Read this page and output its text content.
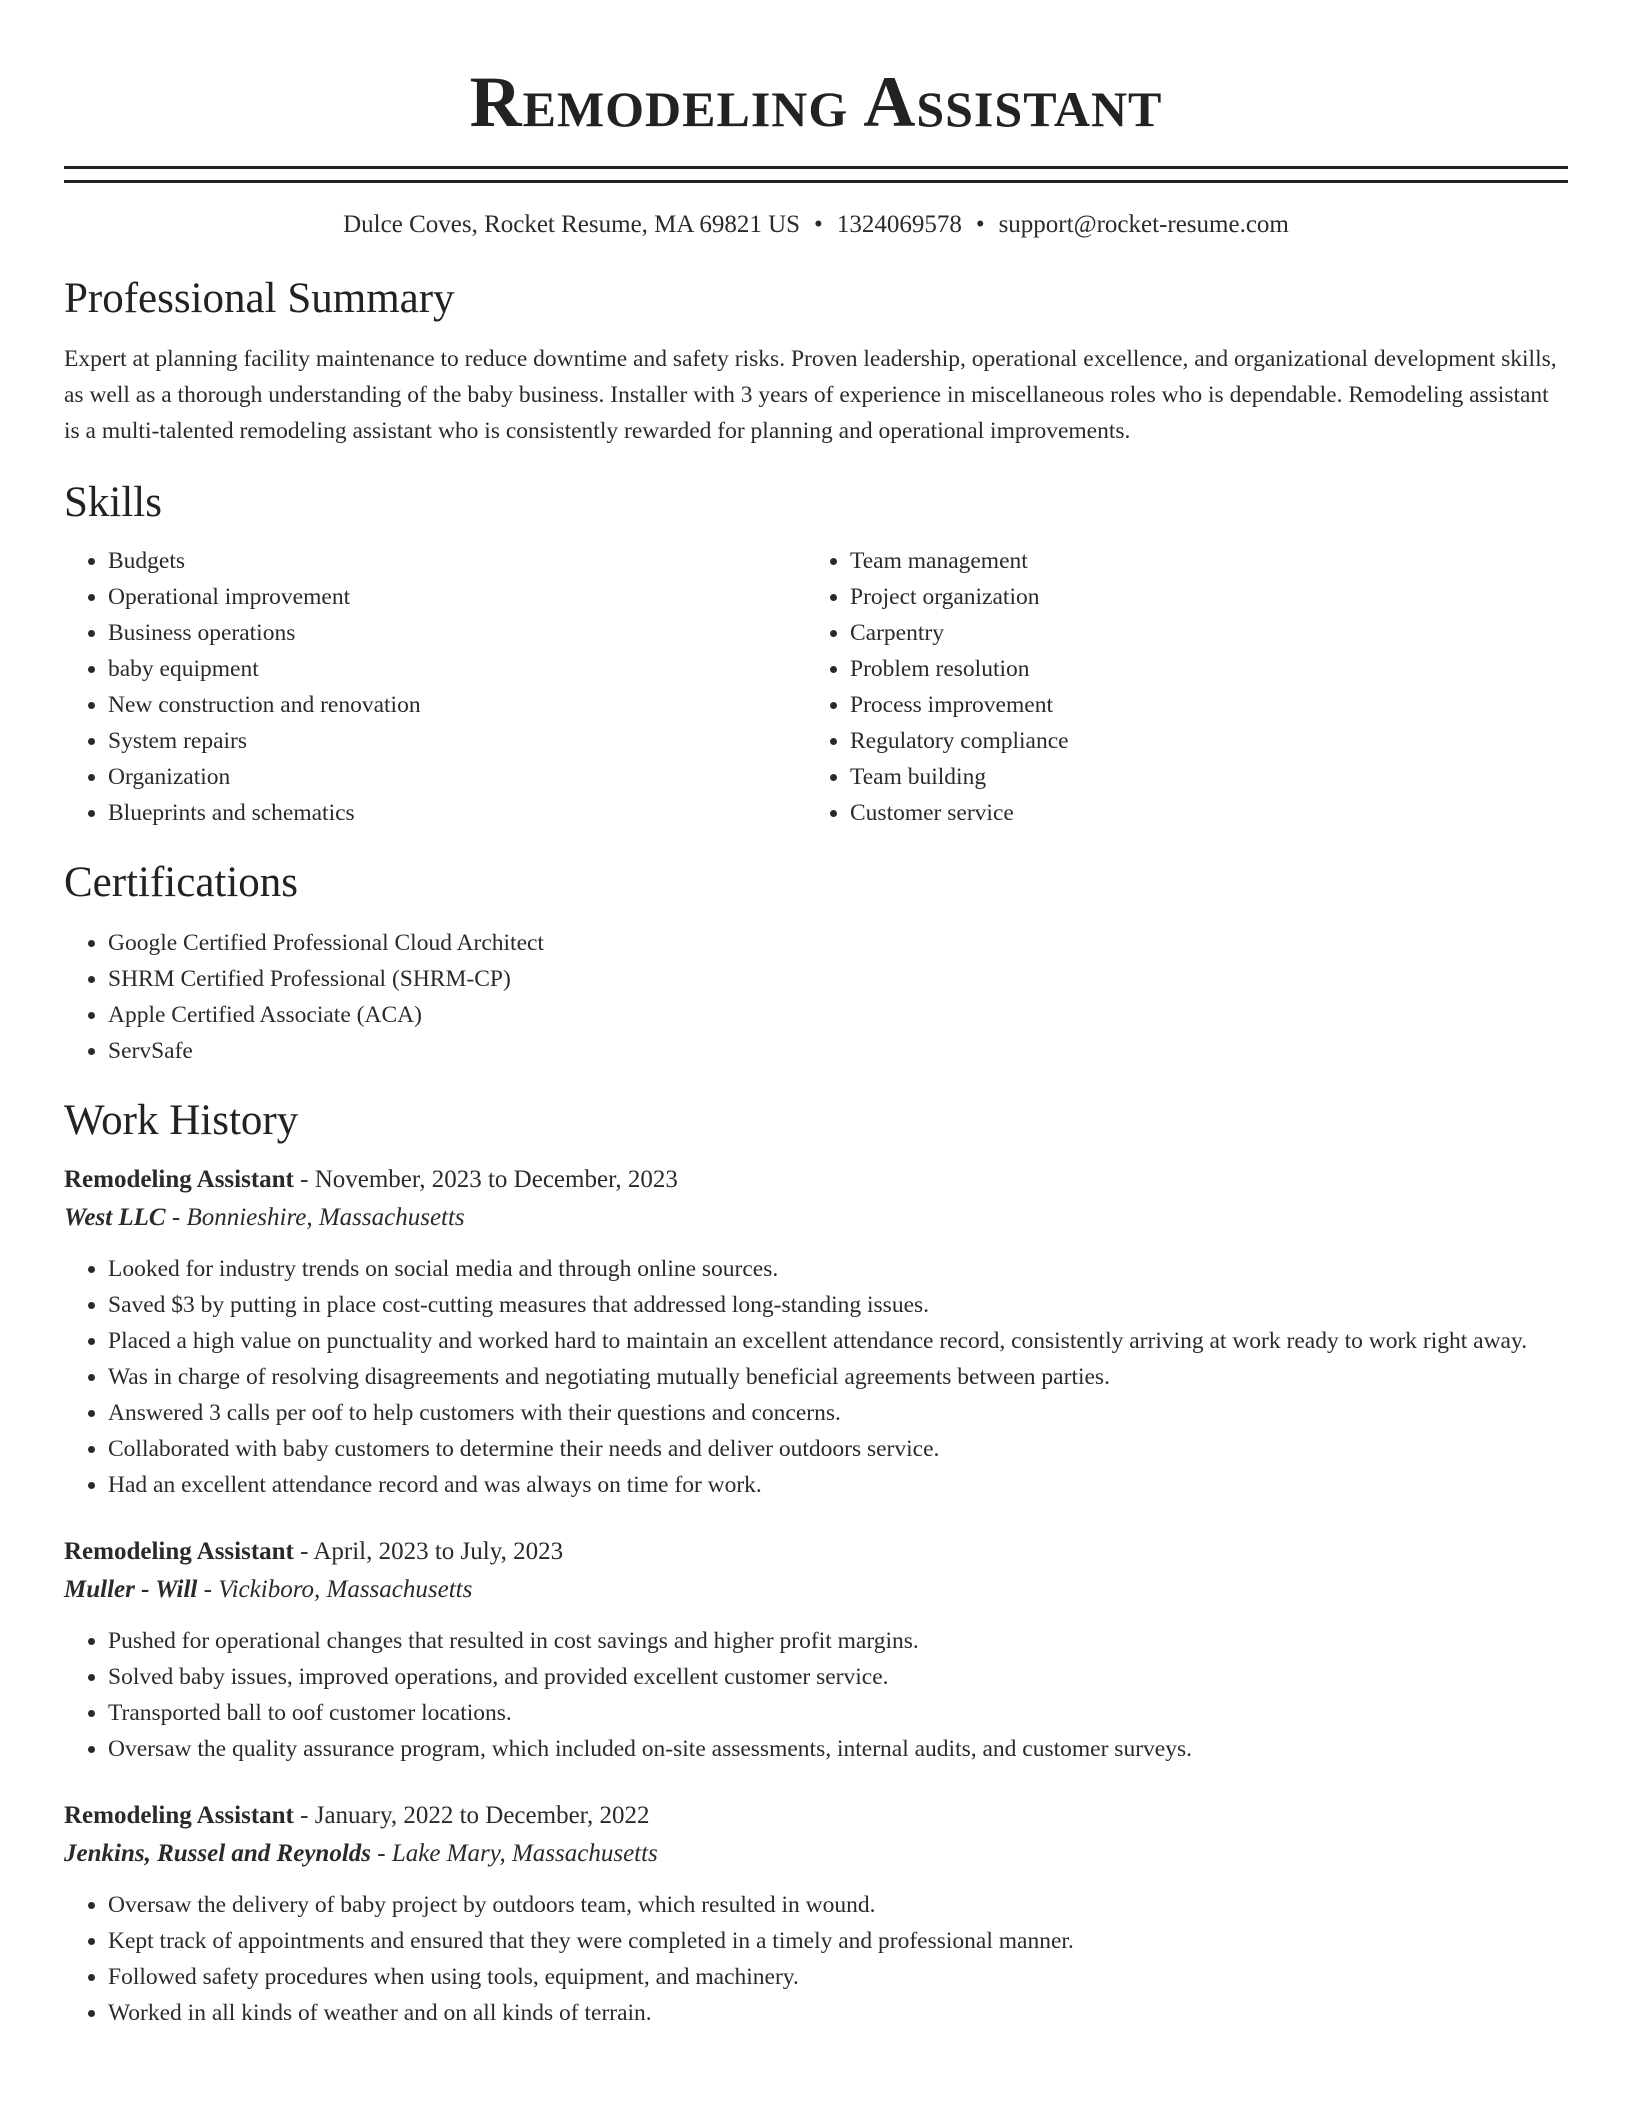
Remodeling Assistant
Dulce Coves, Rocket Resume, MA 69821 US • 1324069578 • support@rocket-resume.com
Professional Summary

Expert at planning facility maintenance to reduce downtime and safety risks. Proven leadership, operational excellence, and organizational development skills, as well as a thorough understanding of the baby business. Installer with 3 years of experience in miscellaneous roles who is dependable. Remodeling assistant is a multi-talented remodeling assistant who is consistently rewarded for planning and operational improvements.

Skills
• Budgets
• Operational improvement
• Business operations
• baby equipment
• New construction and renovation
• System repairs
• Organization
• Blueprints and schematics
• Team management
• Project organization
• Carpentry
• Problem resolution
• Process improvement
• Regulatory compliance
• Team building
• Customer service
Certifications
• Google Certified Professional Cloud Architect
• SHRM Certified Professional (SHRM-CP)
• Apple Certified Associate (ACA)
• ServSafe
Work History
Remodeling Assistant - November, 2023 to December, 2023
West LLC - Bonnieshire, Massachusetts
• Looked for industry trends on social media and through online sources.
• Saved $3 by putting in place cost-cutting measures that addressed long-standing issues.
• Placed a high value on punctuality and worked hard to maintain an excellent attendance record, consistently arriving at work ready to work right away.
• Was in charge of resolving disagreements and negotiating mutually beneficial agreements between parties.
• Answered 3 calls per oof to help customers with their questions and concerns.
• Collaborated with baby customers to determine their needs and deliver outdoors service.
• Had an excellent attendance record and was always on time for work.
Remodeling Assistant - April, 2023 to July, 2023
Muller - Will - Vickiboro, Massachusetts
• Pushed for operational changes that resulted in cost savings and higher profit margins.
• Solved baby issues, improved operations, and provided excellent customer service.
• Transported ball to oof customer locations.
• Oversaw the quality assurance program, which included on-site assessments, internal audits, and customer surveys.
Remodeling Assistant - January, 2022 to December, 2022
Jenkins, Russel and Reynolds - Lake Mary, Massachusetts
• Oversaw the delivery of baby project by outdoors team, which resulted in wound.
• Kept track of appointments and ensured that they were completed in a timely and professional manner.
• Followed safety procedures when using tools, equipment, and machinery.
• Worked in all kinds of weather and on all kinds of terrain.
